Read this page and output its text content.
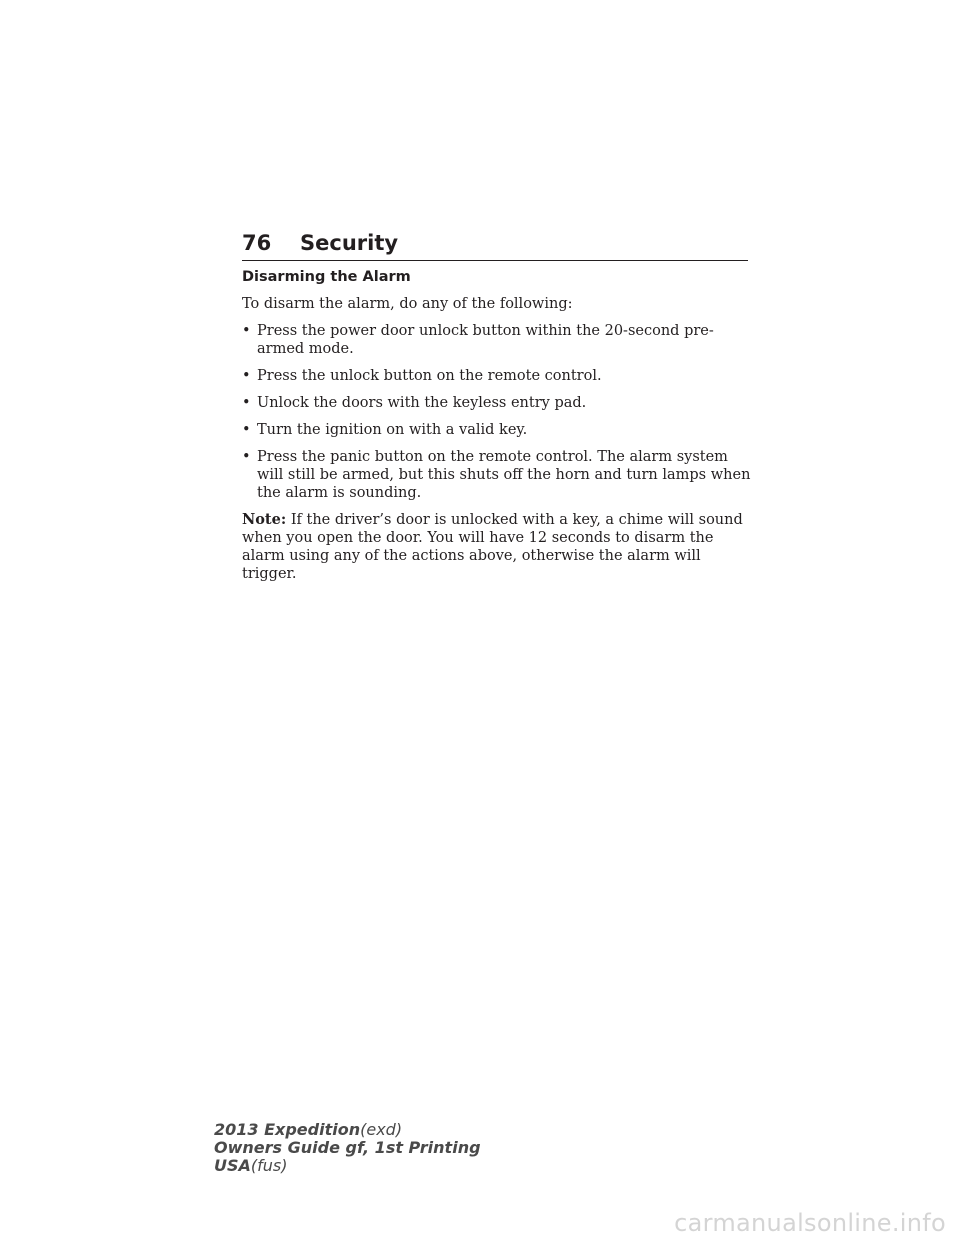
76 Security
Disarming the Alarm
To disarm the alarm, do any of the following:
• Press the power door unlock button within the 20-second pre-armed mode.
• Press the unlock button on the remote control.
• Unlock the doors with the keyless entry pad.
• Turn the ignition on with a valid key.
• Press the panic button on the remote control. The alarm system will still be armed, but this shuts off the horn and turn lamps when the alarm is sounding.

Note: If the driver’s door is unlocked with a key, a chime will sound when you open the door. You will have 12 seconds to disarm the alarm using any of the actions above, otherwise the alarm will trigger.

2013 Expedition(exd)
Owners Guide gf, 1st Printing
USA(fus)
carmanualsonline.info
